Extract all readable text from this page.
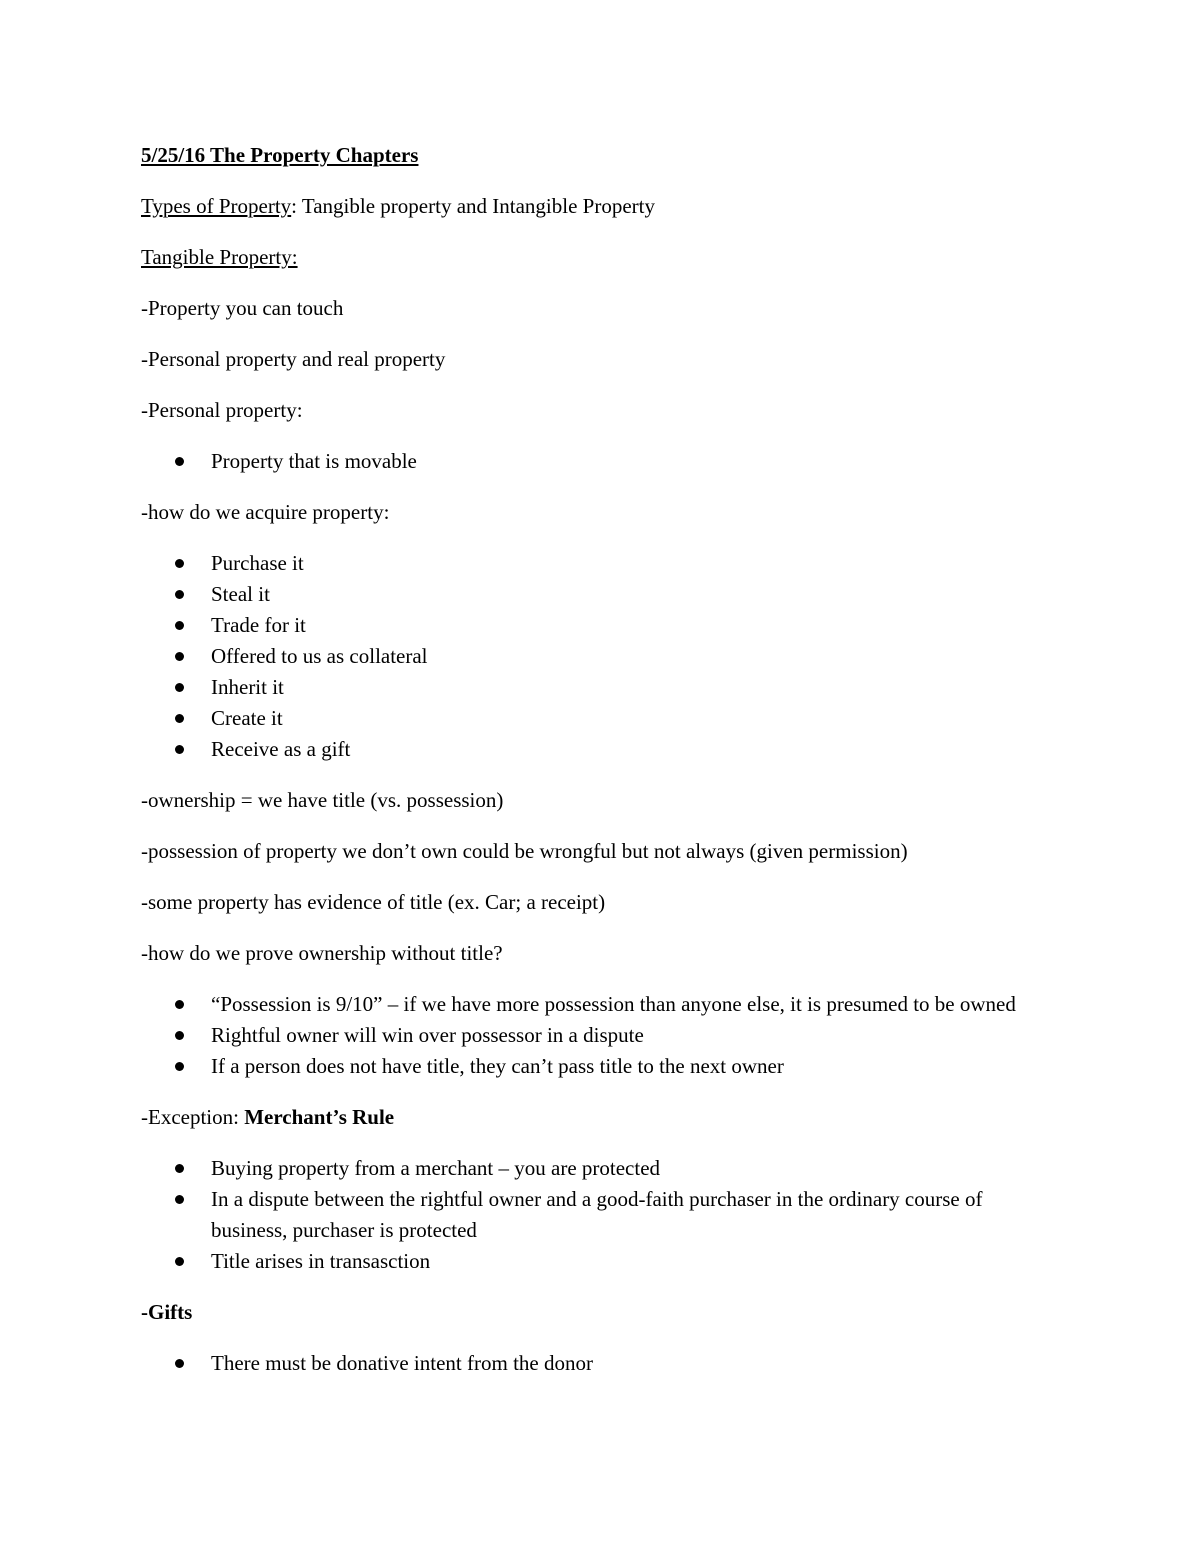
5/25/16 The Property Chapters

Types of Property: Tangible property and Intangible Property

Tangible Property:

-Property you can touch

-Personal property and real property

-Personal property:

Property that is movable

-how do we acquire property:

Purchase it
Steal it
Trade for it
Offered to us as collateral
Inherit it
Create it
Receive as a gift

-ownership = we have title (vs. possession)

-possession of property we don’t own could be wrongful but not always (given permission)

-some property has evidence of title (ex. Car; a receipt)

-how do we prove ownership without title?

“Possession is 9/10” – if we have more possession than anyone else, it is presumed to be owned
Rightful owner will win over possessor in a dispute
If a person does not have title, they can’t pass title to the next owner

-Exception: Merchant’s Rule

Buying property from a merchant – you are protected
In a dispute between the rightful owner and a good-faith purchaser in the ordinary course of business, purchaser is protected
Title arises in transasction

-Gifts

There must be donative intent from the donor
